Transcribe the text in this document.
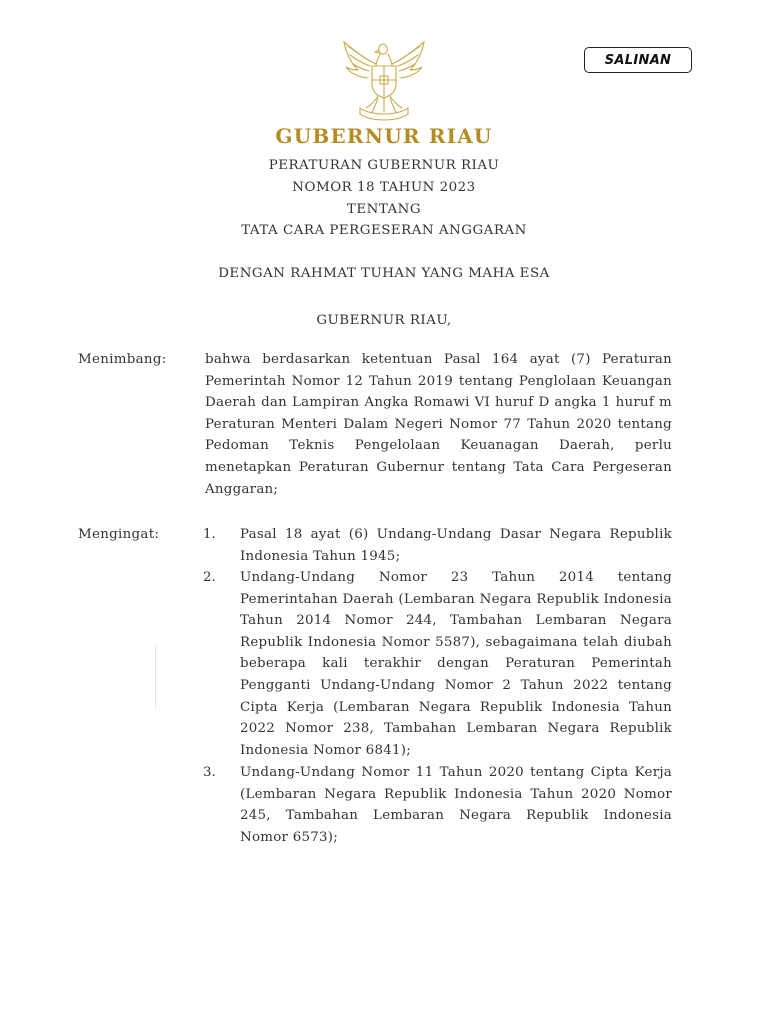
SALINAN
GUBERNUR RIAU
PERATURAN GUBERNUR RIAU
NOMOR 18 TAHUN 2023
TENTANG
TATA CARA PERGESERAN ANGGARAN
DENGAN RAHMAT TUHAN YANG MAHA ESA
GUBERNUR RIAU,
Menimbang:	bahwa berdasarkan ketentuan Pasal 164 ayat (7) Peraturan Pemerintah Nomor 12 Tahun 2019 tentang Penglolaan Keuangan Daerah dan Lampiran Angka Romawi VI huruf D angka 1 huruf m Peraturan Menteri Dalam Negeri Nomor 77 Tahun 2020 tentang Pedoman Teknis Pengelolaan Keuanagan Daerah, perlu menetapkan Peraturan Gubernur tentang Tata Cara Pergeseran Anggaran;
Mengingat:	1. Pasal 18 ayat (6) Undang-Undang Dasar Negara Republik Indonesia Tahun 1945;
2. Undang-Undang Nomor 23 Tahun 2014 tentang Pemerintahan Daerah (Lembaran Negara Republik Indonesia Tahun 2014 Nomor 244, Tambahan Lembaran Negara Republik Indonesia Nomor 5587), sebagaimana telah diubah beberapa kali terakhir dengan Peraturan Pemerintah Pengganti Undang-Undang Nomor 2 Tahun 2022 tentang Cipta Kerja (Lembaran Negara Republik Indonesia Tahun 2022 Nomor 238, Tambahan Lembaran Negara Republik Indonesia Nomor 6841);
3. Undang-Undang Nomor 11 Tahun 2020 tentang Cipta Kerja (Lembaran Negara Republik Indonesia Tahun 2020 Nomor 245, Tambahan Lembaran Negara Republik Indonesia Nomor 6573);
